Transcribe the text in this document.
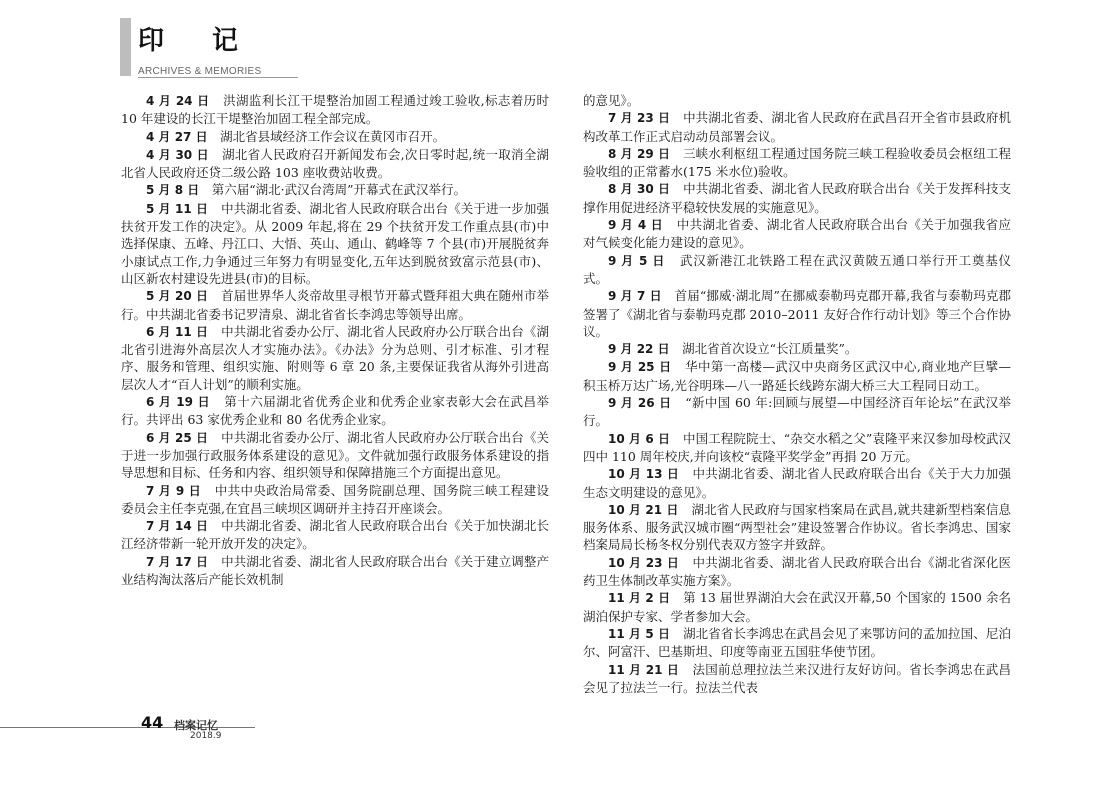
印 记
ARCHIVES & MEMORIES

4 月 24 日 洪湖监利长江干堤整治加固工程通过竣工验收,标志着历时 10 年建设的长江干堤整治加固工程全部完成。

4 月 27 日 湖北省县域经济工作会议在黄冈市召开。

4 月 30 日 湖北省人民政府召开新闻发布会,次日零时起,统一取消全湖北省人民政府还贷二级公路 103 座收费站收费。

5 月 8 日 第六届“湖北·武汉台湾周”开幕式在武汉举行。

5 月 11 日 中共湖北省委、湖北省人民政府联合出台《关于进一步加强扶贫开发工作的决定》。从 2009 年起,将在 29 个扶贫开发工作重点县(市)中选择保康、五峰、丹江口、大悟、英山、通山、鹤峰等 7 个县(市)开展脱贫奔小康试点工作,力争通过三年努力有明显变化,五年达到脱贫致富示范县(市)、山区新农村建设先进县(市)的目标。

5 月 20 日 首届世界华人炎帝故里寻根节开幕式暨拜祖大典在随州市举行。中共湖北省委书记罗清泉、湖北省省长李鸿忠等领导出席。

6 月 11 日 中共湖北省委办公厅、湖北省人民政府办公厅联合出台《湖北省引进海外高层次人才实施办法》。《办法》分为总则、引才标准、引才程序、服务和管理、组织实施、附则等 6 章 20 条,主要保证我省从海外引进高层次人才“百人计划”的顺利实施。

6 月 19 日 第十六届湖北省优秀企业和优秀企业家表彰大会在武昌举行。共评出 63 家优秀企业和 80 名优秀企业家。

6 月 25 日 中共湖北省委办公厅、湖北省人民政府办公厅联合出台《关于进一步加强行政服务体系建设的意见》。文件就加强行政服务体系建设的指导思想和目标、任务和内容、组织领导和保障措施三个方面提出意见。

7 月 9 日 中共中央政治局常委、国务院副总理、国务院三峡工程建设委员会主任李克强,在宜昌三峡坝区调研并主持召开座谈会。

7 月 14 日 中共湖北省委、湖北省人民政府联合出台《关于加快湖北长江经济带新一轮开放开发的决定》。

7 月 17 日 中共湖北省委、湖北省人民政府联合出台《关于建立调整产业结构淘汰落后产能长效机制

的意见》。

7 月 23 日 中共湖北省委、湖北省人民政府在武昌召开全省市县政府机构改革工作正式启动动员部署会议。

8 月 29 日 三峡水利枢纽工程通过国务院三峡工程验收委员会枢纽工程验收组的正常蓄水(175 米水位)验收。

8 月 30 日 中共湖北省委、湖北省人民政府联合出台《关于发挥科技支撑作用促进经济平稳较快发展的实施意见》。

9 月 4 日 中共湖北省委、湖北省人民政府联合出台《关于加强我省应对气候变化能力建设的意见》。

9 月 5 日 武汉新港江北铁路工程在武汉黄陂五通口举行开工奠基仪式。

9 月 7 日 首届“挪威·湖北周”在挪威泰勒玛克郡开幕,我省与泰勒玛克郡签署了《湖北省与泰勒玛克郡 2010–2011 友好合作行动计划》等三个合作协议。

9 月 22 日 湖北省首次设立“长江质量奖”。

9 月 25 日 华中第一高楼—武汉中央商务区武汉中心,商业地产巨擘—积玉桥万达广场,光谷明珠—八一路延长线跨东湖大桥三大工程同日动工。

9 月 26 日 “新中国 60 年:回顾与展望—中国经济百年论坛”在武汉举行。

10 月 6 日 中国工程院院士、“杂交水稻之父”袁隆平来汉参加母校武汉四中 110 周年校庆,并向该校“袁隆平奖学金”再捐 20 万元。

10 月 13 日 中共湖北省委、湖北省人民政府联合出台《关于大力加强生态文明建设的意见》。

10 月 21 日 湖北省人民政府与国家档案局在武昌,就共建新型档案信息服务体系、服务武汉城市圈“两型社会”建设签署合作协议。省长李鸿忠、国家档案局局长杨冬权分别代表双方签字并致辞。

10 月 23 日 中共湖北省委、湖北省人民政府联合出台《湖北省深化医药卫生体制改革实施方案》。

11 月 2 日 第 13 届世界湖泊大会在武汉开幕,50 个国家的 1500 余名湖泊保护专家、学者参加大会。

11 月 5 日 湖北省省长李鸿忠在武昌会见了来鄂访问的孟加拉国、尼泊尔、阿富汗、巴基斯坦、印度等南亚五国驻华使节团。

11 月 21 日 法国前总理拉法兰来汉进行友好访问。省长李鸿忠在武昌会见了拉法兰一行。拉法兰代表

44 档案记忆
2018.9
